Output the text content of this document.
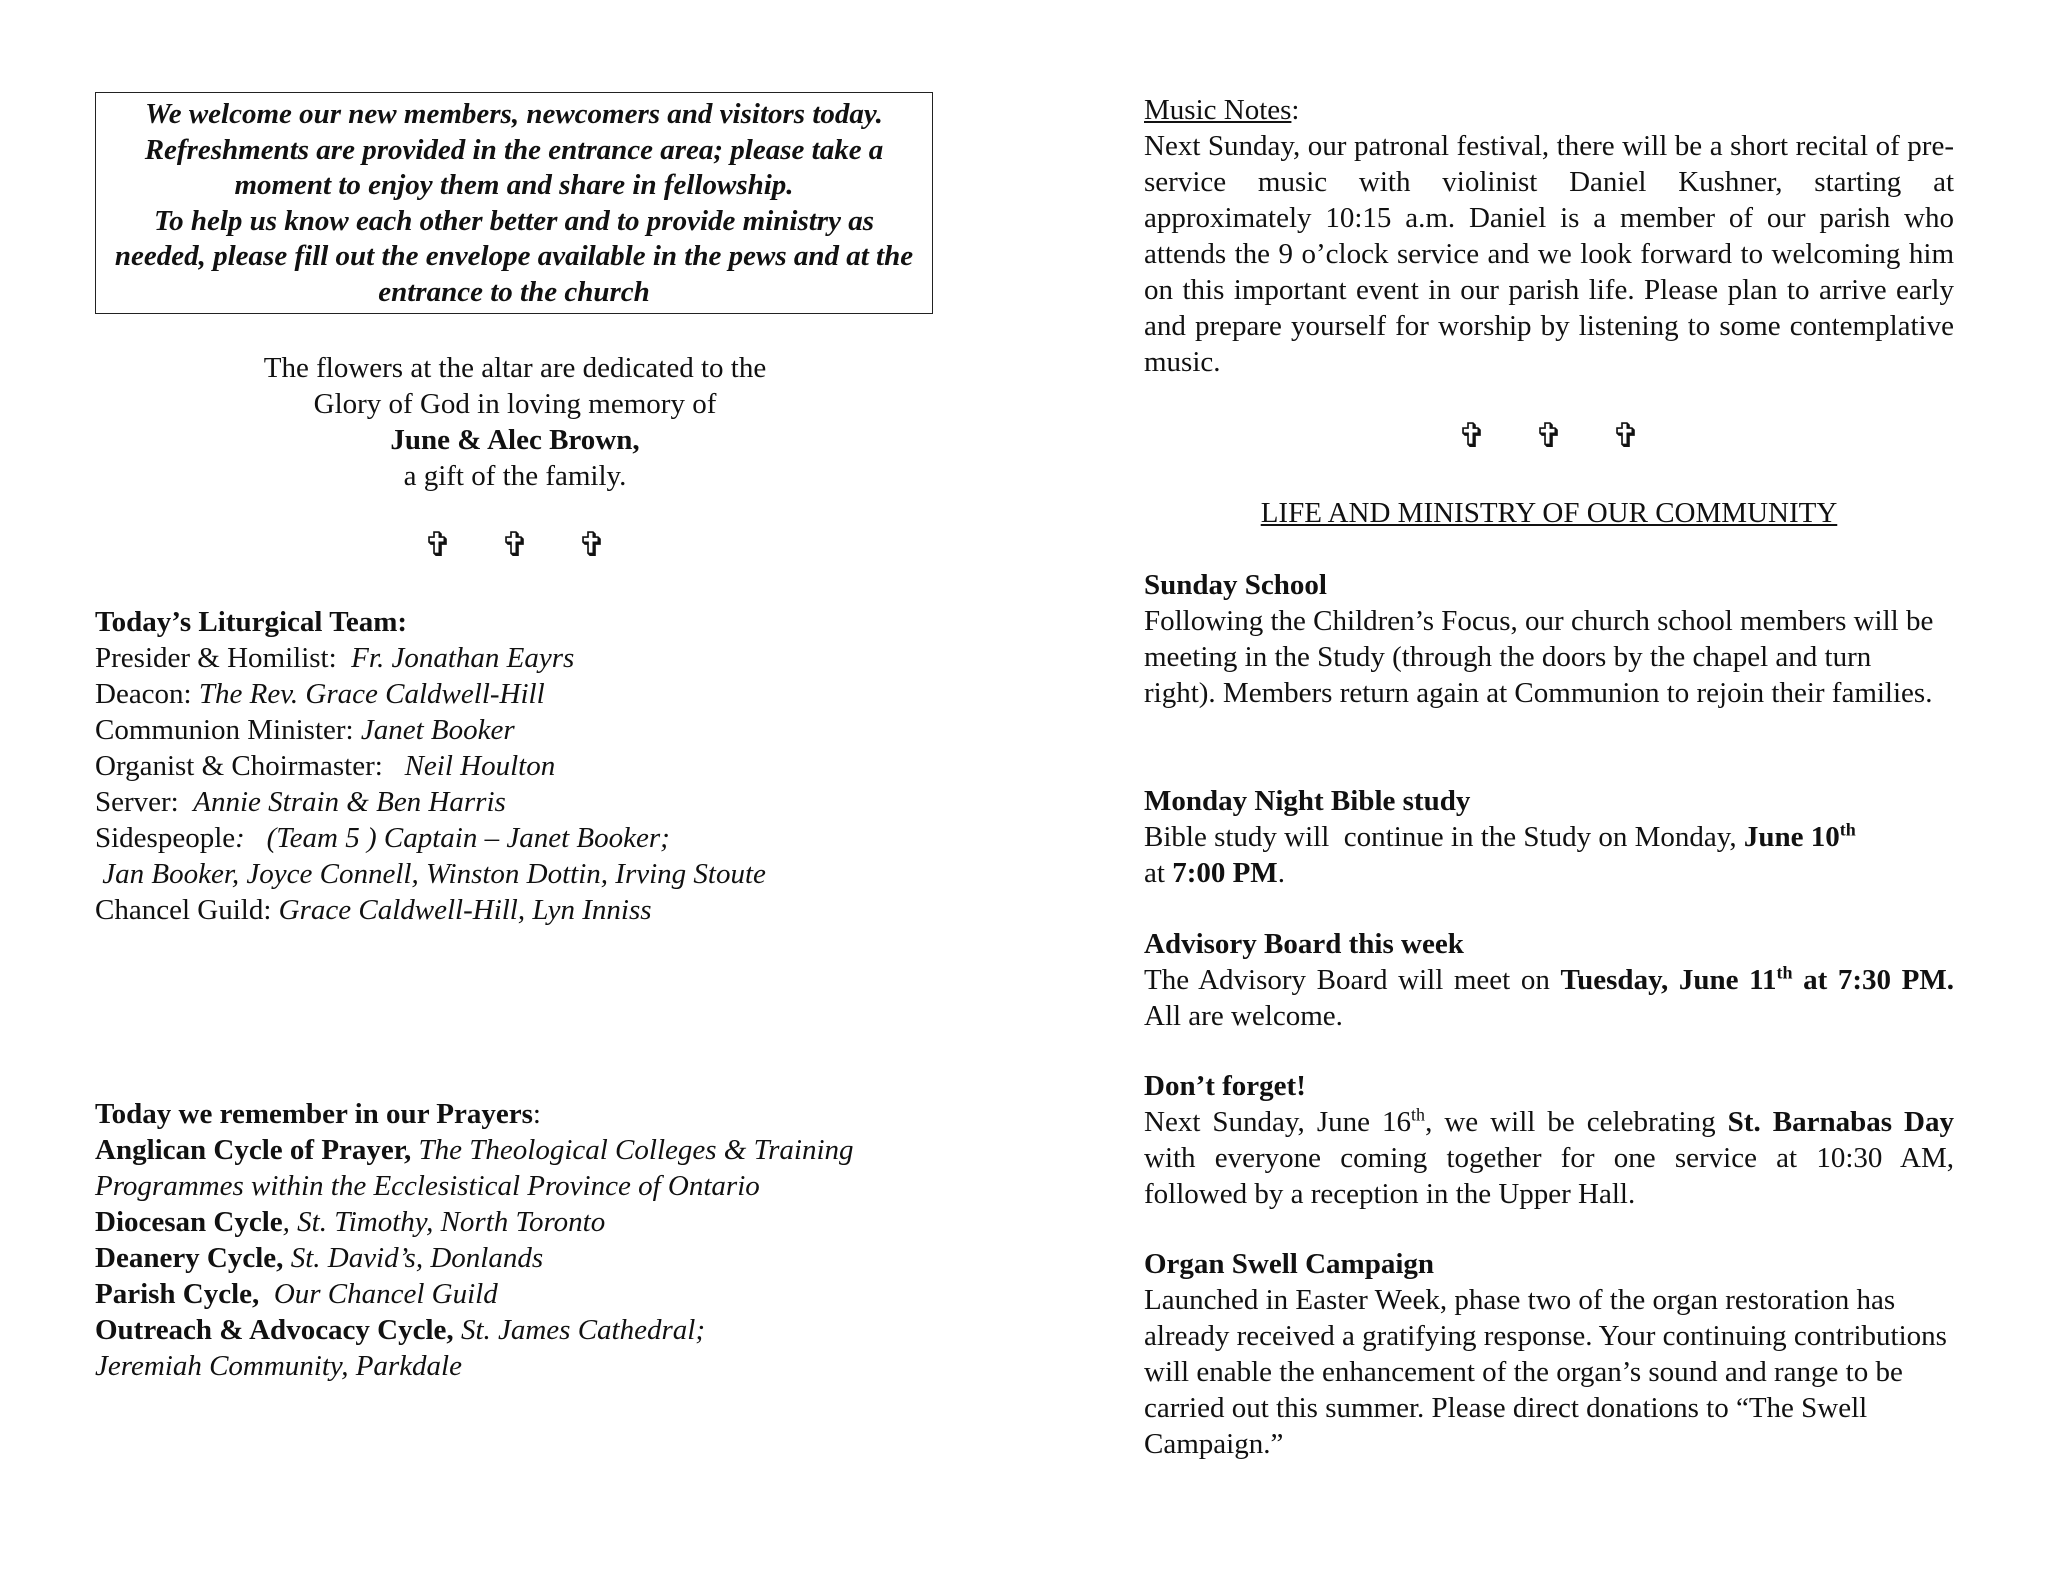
We welcome our new members, newcomers and visitors today.

Refreshments are provided in the entrance area; please take a moment to enjoy them and share in fellowship.

To help us know each other better and to provide ministry as needed, please fill out the envelope available in the pews and at the entrance to the church

The flowers at the altar are dedicated to the

Glory of God in loving memory of

June & Alec Brown,

a gift of the family.

✞ ✞ ✞

Today’s Liturgical Team:

Presider & Homilist:  Fr. Jonathan Eayrs

Deacon: The Rev. Grace Caldwell-Hill

Communion Minister: Janet Booker

Organist & Choirmaster:   Neil Houlton

Server:  Annie Strain & Ben Harris

Sidespeople:   (Team 5 ) Captain – Janet Booker;

Jan Booker, Joyce Connell, Winston Dottin, Irving Stoute

Chancel Guild: Grace Caldwell-Hill, Lyn Inniss

Today we remember in our Prayers:

Anglican Cycle of Prayer, The Theological Colleges & Training Programmes within the Ecclesistical Province of Ontario

Diocesan Cycle, St. Timothy, North Toronto

Deanery Cycle, St. David’s, Donlands

Parish Cycle,  Our Chancel Guild

Outreach & Advocacy Cycle, St. James Cathedral; Jeremiah Community, Parkdale

Music Notes:

Next Sunday, our patronal festival, there will be a short recital of pre-service music with violinist Daniel Kushner, starting at approximately 10:15 a.m. Daniel is a member of our parish who attends the 9 o’clock service and we look forward to welcoming him on this important event in our parish life. Please plan to arrive early and prepare yourself for worship by listening to some contemplative music.

✞ ✞ ✞
LIFE AND MINISTRY OF OUR COMMUNITY

Sunday School

Following the Children’s Focus, our church school members will be meeting in the Study (through the doors by the chapel and turn right). Members return again at Communion to rejoin their families.

Monday Night Bible study

Bible study will  continue in the Study on Monday, June 10th

at 7:00 PM.

Advisory Board this week

The Advisory Board will meet on Tuesday, June 11th at 7:30 PM. All are welcome.

Don’t forget!

Next Sunday, June 16th, we will be celebrating St. Barnabas Day with everyone coming together for one service at 10:30 AM, followed by a reception in the Upper Hall.

Organ Swell Campaign

Launched in Easter Week, phase two of the organ restoration has already received a gratifying response. Your continuing contributions will enable the enhancement of the organ’s sound and range to be carried out this summer. Please direct donations to “The Swell Campaign.”
